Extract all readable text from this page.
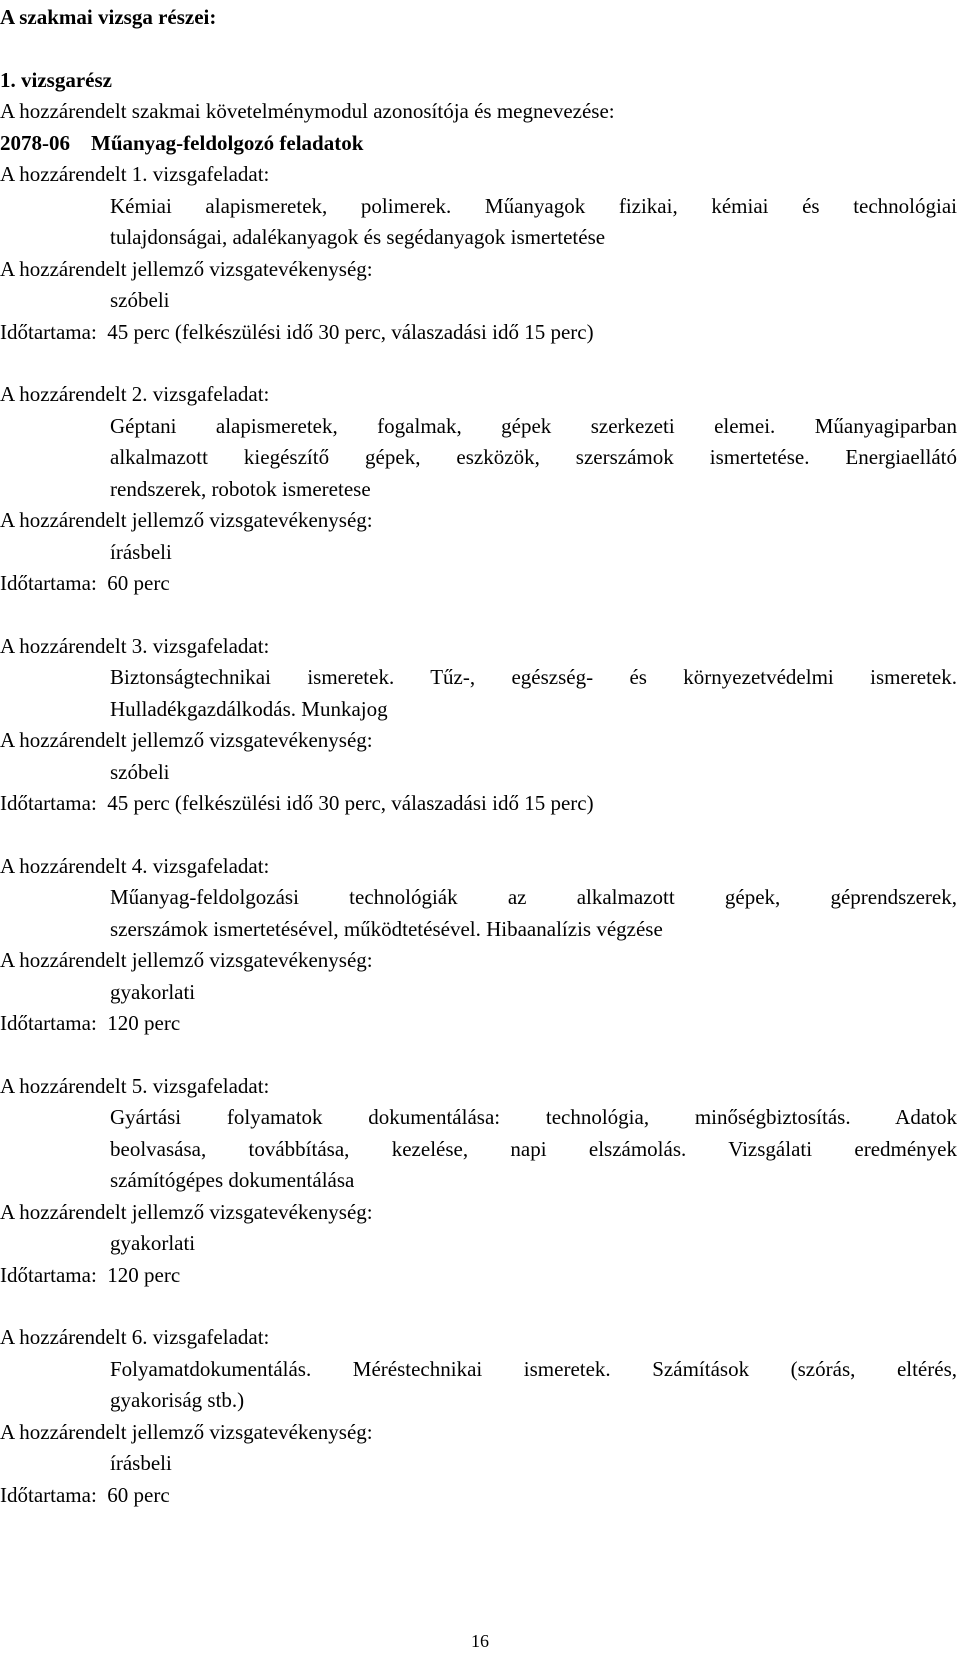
A szakmai vizsga részei:
1. vizsgarész
A hozzárendelt szakmai követelménymodul azonosítója és megnevezése:
2078-06 Műanyag-feldolgozó feladatok
A hozzárendelt 1. vizsgafeladat:
Kémiai alapismeretek, polimerek. Műanyagok fizikai, kémiai és technológiai
tulajdonságai, adalékanyagok és segédanyagok ismertetése
A hozzárendelt jellemző vizsgatevékenység:
szóbeli
Időtartama: 45 perc (felkészülési idő 30 perc, válaszadási idő 15 perc)
A hozzárendelt 2. vizsgafeladat:
Géptani alapismeretek, fogalmak, gépek szerkezeti elemei. Műanyagiparban
alkalmazott kiegészítő gépek, eszközök, szerszámok ismertetése. Energiaellátó
rendszerek, robotok ismeretese
A hozzárendelt jellemző vizsgatevékenység:
írásbeli
Időtartama: 60 perc
A hozzárendelt 3. vizsgafeladat:
Biztonságtechnikai ismeretek. Tűz-, egészség- és környezetvédelmi ismeretek.
Hulladékgazdálkodás. Munkajog
A hozzárendelt jellemző vizsgatevékenység:
szóbeli
Időtartama: 45 perc (felkészülési idő 30 perc, válaszadási idő 15 perc)
A hozzárendelt 4. vizsgafeladat:
Műanyag-feldolgozási technológiák az alkalmazott gépek, géprendszerek,
szerszámok ismertetésével, működtetésével. Hibaanalízis végzése
A hozzárendelt jellemző vizsgatevékenység:
gyakorlati
Időtartama: 120 perc
A hozzárendelt 5. vizsgafeladat:
Gyártási folyamatok dokumentálása: technológia, minőségbiztosítás. Adatok
beolvasása, továbbítása, kezelése, napi elszámolás. Vizsgálati eredmények
számítógépes dokumentálása
A hozzárendelt jellemző vizsgatevékenység:
gyakorlati
Időtartama: 120 perc
A hozzárendelt 6. vizsgafeladat:
Folyamatdokumentálás. Méréstechnikai ismeretek. Számítások (szórás, eltérés,
gyakoriság stb.)
A hozzárendelt jellemző vizsgatevékenység:
írásbeli
Időtartama: 60 perc
16
